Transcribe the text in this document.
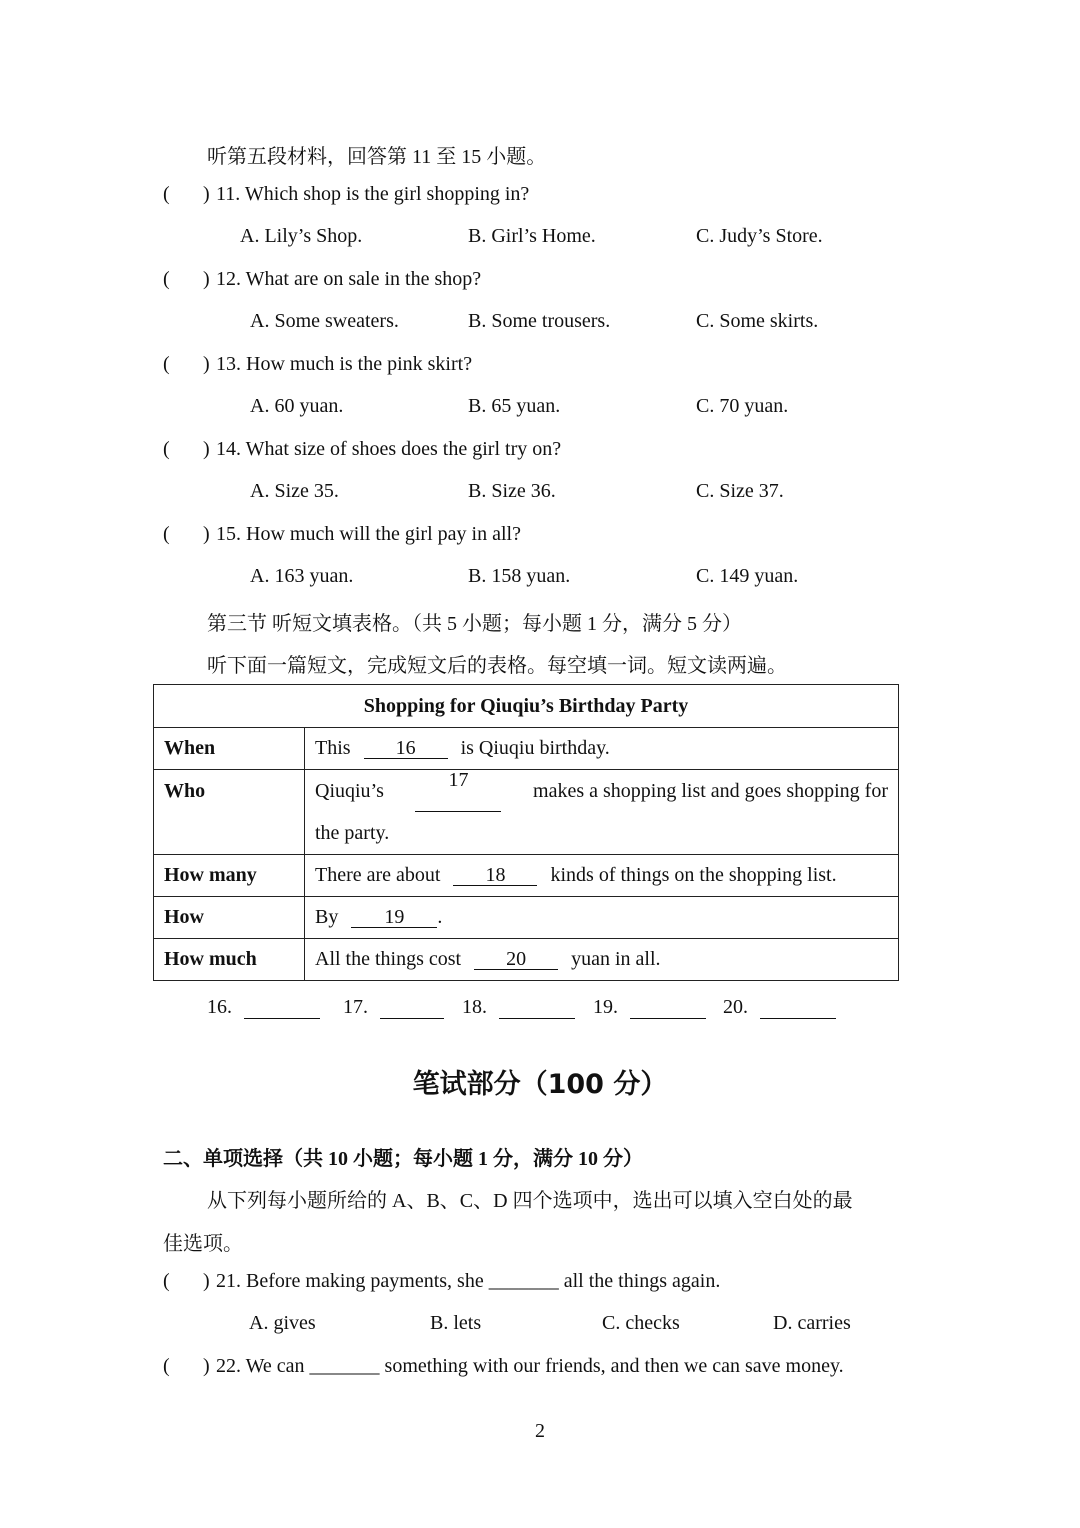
听第五段材料，回答第 11 至 15 小题。
( ) 11. Which shop is the girl shopping in?
A. Lily’s Shop.	B. Girl’s Home.	C. Judy’s Store.
( ) 12. What are on sale in the shop?
A. Some sweaters.	B. Some trousers.	C. Some skirts.
( ) 13. How much is the pink skirt?
A. 60 yuan.	B. 65 yuan.	C. 70 yuan.
( ) 14. What size of shoes does the girl try on?
A. Size 35.	B. Size 36.	C. Size 37.
( ) 15. How much will the girl pay in all?
A. 163 yuan.	B. 158 yuan.	C. 149 yuan.
第三节 听短文填表格。（共 5 小题；每小题 1 分，满分 5 分）
听下面一篇短文，完成短文后的表格。每空填一词。短文读两遍。
Shopping for Qiuqiu’s Birthday Party	
When	This 16 is Qiuqiu birthday.
Who	Qiuqiu’s 17 makes a shopping list and goes shopping for
the party.

How many	There are about 18 kinds of things on the shopping list.
How	By 19 .
How much	All the things cost 20 yuan in all.
16.	17.	18.	19.	20.
笔试部分（100 分）
二、单项选择（共 10 小题；每小题 1 分，满分 10 分）
从下列每小题所给的 A、B、C、D 四个选项中，选出可以填入空白处的最
佳选项。
( ) 21. Before making payments, she _______ all the things again.
A. gives	B. lets	C. checks	D. carries
( ) 22. We can _______ something with our friends, and then we can save money.
2
